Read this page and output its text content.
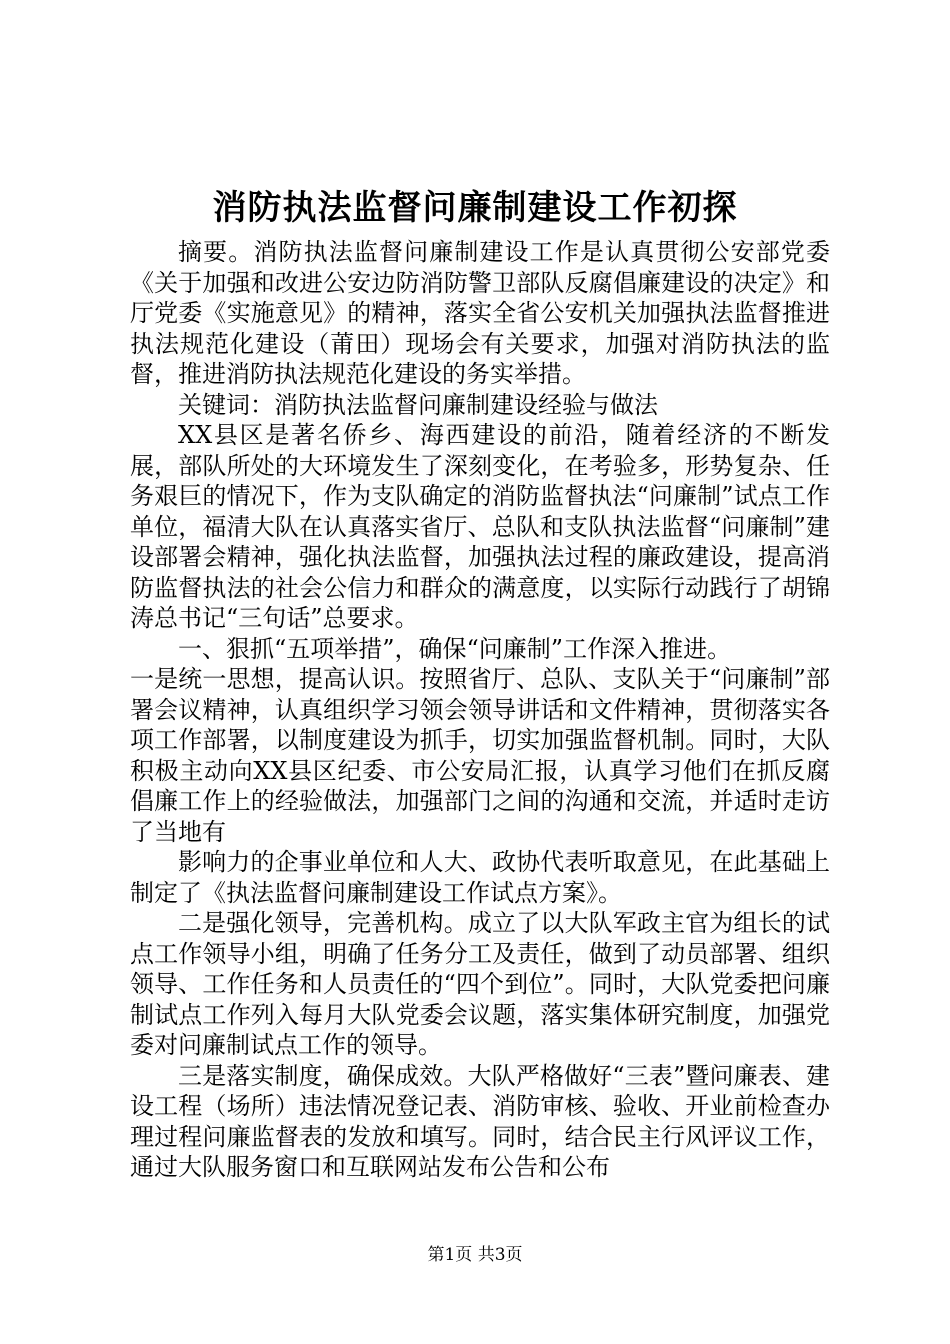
消防执法监督问廉制建设工作初探

摘要。消防执法监督问廉制建设工作是认真贯彻公安部党委《关于加强和改进公安边防消防警卫部队反腐倡廉建设的决定》和厅党委《实施意见》的精神，落实全省公安机关加强执法监督推进执法规范化建设（莆田）现场会有关要求，加强对消防执法的监督，推进消防执法规范化建设的务实举措。

关键词：消防执法监督问廉制建设经验与做法

XX县区是著名侨乡、海西建设的前沿，随着经济的不断发展，部队所处的大环境发生了深刻变化，在考验多，形势复杂、任务艰巨的情况下，作为支队确定的消防监督执法“问廉制”试点工作单位，福清大队在认真落实省厅、总队和支队执法监督“问廉制”建设部署会精神，强化执法监督，加强执法过程的廉政建设，提高消防监督执法的社会公信力和群众的满意度，以实际行动践行了胡锦涛总书记“三句话”总要求。

一、狠抓“五项举措”，确保“问廉制”工作深入推进。

一是统一思想，提高认识。按照省厅、总队、支队关于“问廉制”部署会议精神，认真组织学习领会领导讲话和文件精神，贯彻落实各项工作部署，以制度建设为抓手，切实加强监督机制。同时，大队积极主动向XX县区纪委、市公安局汇报，认真学习他们在抓反腐倡廉工作上的经验做法，加强部门之间的沟通和交流，并适时走访了当地有

影响力的企事业单位和人大、政协代表听取意见，在此基础上制定了《执法监督问廉制建设工作试点方案》。

二是强化领导，完善机构。成立了以大队军政主官为组长的试点工作领导小组，明确了任务分工及责任，做到了动员部署、组织领导、工作任务和人员责任的“四个到位”。同时，大队党委把问廉制试点工作列入每月大队党委会议题，落实集体研究制度，加强党委对问廉制试点工作的领导。

三是落实制度，确保成效。大队严格做好“三表”暨问廉表、建设工程（场所）违法情况登记表、消防审核、验收、开业前检查办理过程问廉监督表的发放和填写。同时，结合民主行风评议工作，通过大队服务窗口和互联网站发布公告和公布

第1页 共3页
